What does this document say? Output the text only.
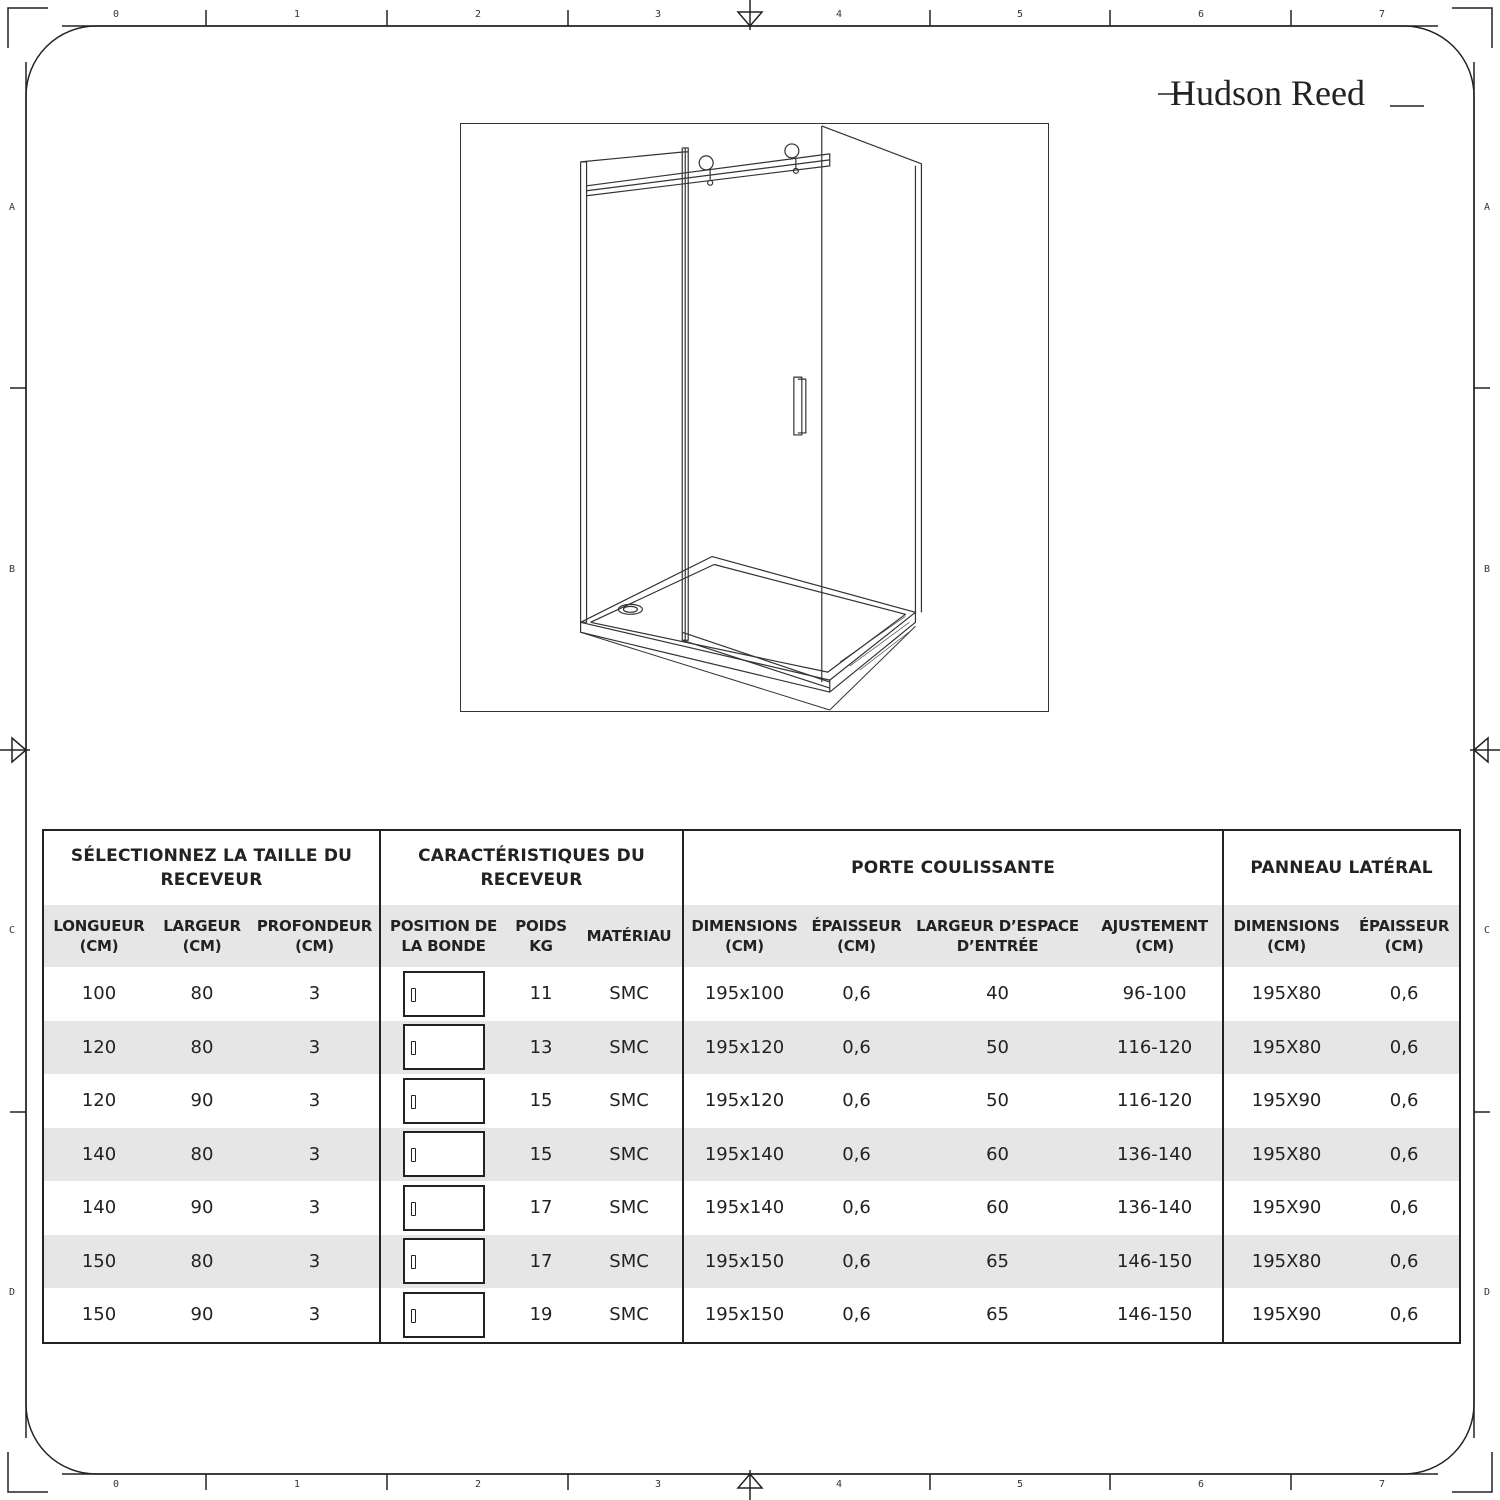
0	1	2	3	4	5	6	7
0	1	2	3	4	5	6	7
A
B
C
D
A
B
C
D
Hudson Reed
SÉLECTIONNEZ LA TAILLE DU RECEVEUR			CARACTÉRISTIQUES DU RECEVEUR			PORTE COULISSANTE				PANNEAU LATÉRAL	
LONGUEUR (CM)	LARGEUR (CM)	PROFONDEUR (CM)	POSITION DE LA BONDE	POIDS KG	MATÉRIAU	DIMENSIONS (CM)	ÉPAISSEUR (CM)	LARGEUR D’ESPACE D’ENTRÉE	AJUSTEMENT (CM)	DIMENSIONS (CM)	ÉPAISSEUR (CM)
100	80	3		11	SMC	195x100	0,6	40	96-100	195X80	0,6
120	80	3		13	SMC	195x120	0,6	50	116-120	195X80	0,6
120	90	3		15	SMC	195x120	0,6	50	116-120	195X90	0,6
140	80	3		15	SMC	195x140	0,6	60	136-140	195X80	0,6
140	90	3		17	SMC	195x140	0,6	60	136-140	195X90	0,6
150	80	3		17	SMC	195x150	0,6	65	146-150	195X80	0,6
150	90	3		19	SMC	195x150	0,6	65	146-150	195X90	0,6
